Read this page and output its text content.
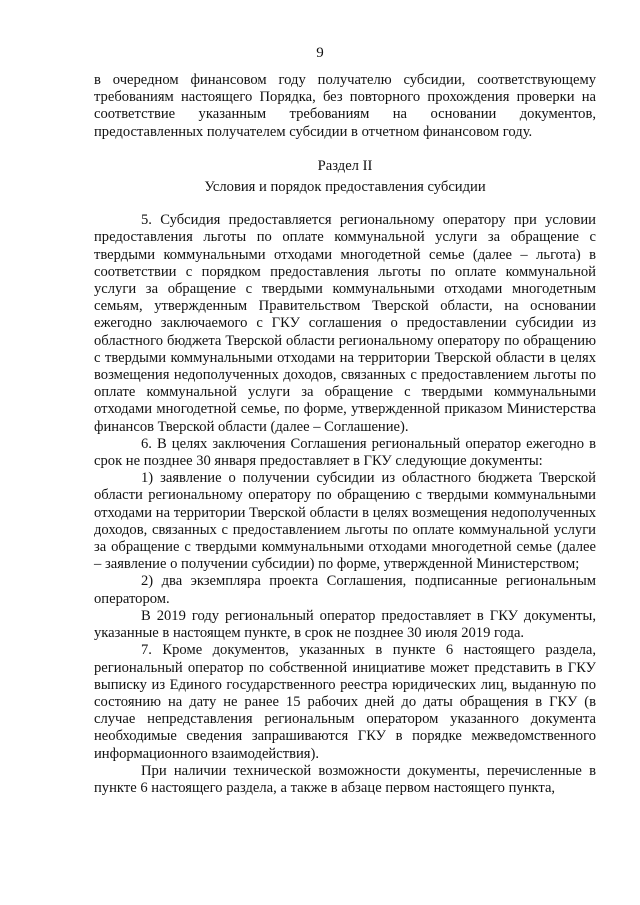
9

в очередном финансовом году получателю субсидии, соответствующему требованиям настоящего Порядка, без повторного прохождения проверки на соответствие указанным требованиям на основании документов, предоставленных получателем субсидии в отчетном финансовом году.

Раздел II

Условия и порядок предоставления субсидии

5. Субсидия предоставляется региональному оператору при условии предоставления льготы по оплате коммунальной услуги за обращение с твердыми коммунальными отходами многодетной семье (далее – льгота) в соответствии с порядком предоставления льготы по оплате коммунальной услуги за обращение с твердыми коммунальными отходами многодетным семьям, утвержденным Правительством Тверской области, на основании ежегодно заключаемого с ГКУ соглашения о предоставлении субсидии из областного бюджета Тверской области региональному оператору по обращению с твердыми коммунальными отходами на территории Тверской области в целях возмещения недополученных доходов, связанных с предоставлением льготы по оплате коммунальной услуги за обращение с твердыми коммунальными отходами многодетной семье, по форме, утвержденной приказом Министерства финансов Тверской области (далее – Соглашение).

6. В целях заключения Соглашения региональный оператор ежегодно в срок не позднее 30 января предоставляет в ГКУ следующие документы:

1) заявление о получении субсидии из областного бюджета Тверской области региональному оператору по обращению с твердыми коммунальными отходами на территории Тверской области в целях возмещения недополученных доходов, связанных с предоставлением льготы по оплате коммунальной услуги за обращение с твердыми коммунальными отходами многодетной семье (далее – заявление о получении субсидии) по форме, утвержденной Министерством;

2) два экземпляра проекта Соглашения, подписанные региональным оператором.

В 2019 году региональный оператор предоставляет в ГКУ документы, указанные в настоящем пункте, в срок не позднее 30 июля 2019 года.

7. Кроме документов, указанных в пункте 6 настоящего раздела, региональный оператор по собственной инициативе может представить в ГКУ выписку из Единого государственного реестра юридических лиц, выданную по состоянию на дату не ранее 15 рабочих дней до даты обращения в ГКУ (в случае непредставления региональным оператором указанного документа необходимые сведения запрашиваются ГКУ в порядке межведомственного информационного взаимодействия).

При наличии технической возможности документы, перечисленные в пункте 6 настоящего раздела, а также в абзаце первом настоящего пункта,
